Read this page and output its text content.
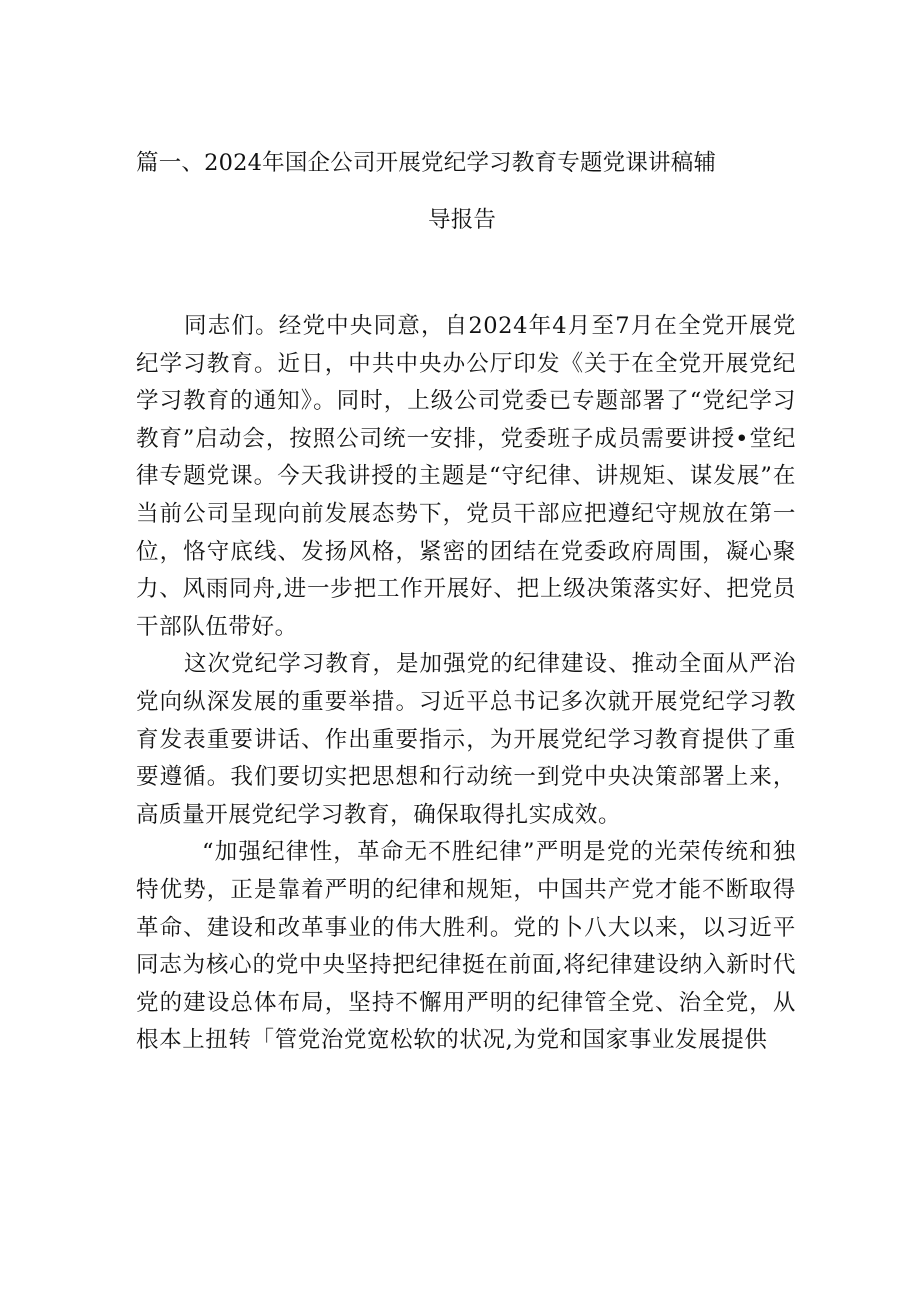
篇一、2024年国企公司开展党纪学习教育专题党课讲稿辅
导报告

同志们。经党中央同意，自2024年4月至7月在全党开展党纪学习教育。近日，中共中央办公厅印发《关于在全党开展党纪学习教育的通知》。同时，上级公司党委已专题部署了“党纪学习教育”启动会，按照公司统一安排，党委班子成员需要讲授•堂纪律专题党课。今天我讲授的主题是“守纪律、讲规矩、谋发展”在当前公司呈现向前发展态势下，党员干部应把遵纪守规放在第一位，恪守底线、发扬风格，紧密的团结在党委政府周围，凝心聚力、风雨同舟,进一步把工作开展好、把上级决策落实好、把党员干部队伍带好。

这次党纪学习教育，是加强党的纪律建设、推动全面从严治党向纵深发展的重要举措。习近平总书记多次就开展党纪学习教育发表重要讲话、作出重要指示，为开展党纪学习教育提供了重要遵循。我们要切实把思想和行动统一到党中央决策部署上来，高质量开展党纪学习教育，确保取得扎实成效。

“加强纪律性，革命无不胜纪律”严明是党的光荣传统和独特优势，正是靠着严明的纪律和规矩，中国共产党才能不断取得革命、建设和改革事业的伟大胜利。党的卜八大以来，以习近平同志为核心的党中央坚持把纪律挺在前面,将纪律建设纳入新时代党的建设总体布局，坚持不懈用严明的纪律管全党、治全党，从根本上扭转「管党治党宽松软的状况,为党和国家事业发展提供
